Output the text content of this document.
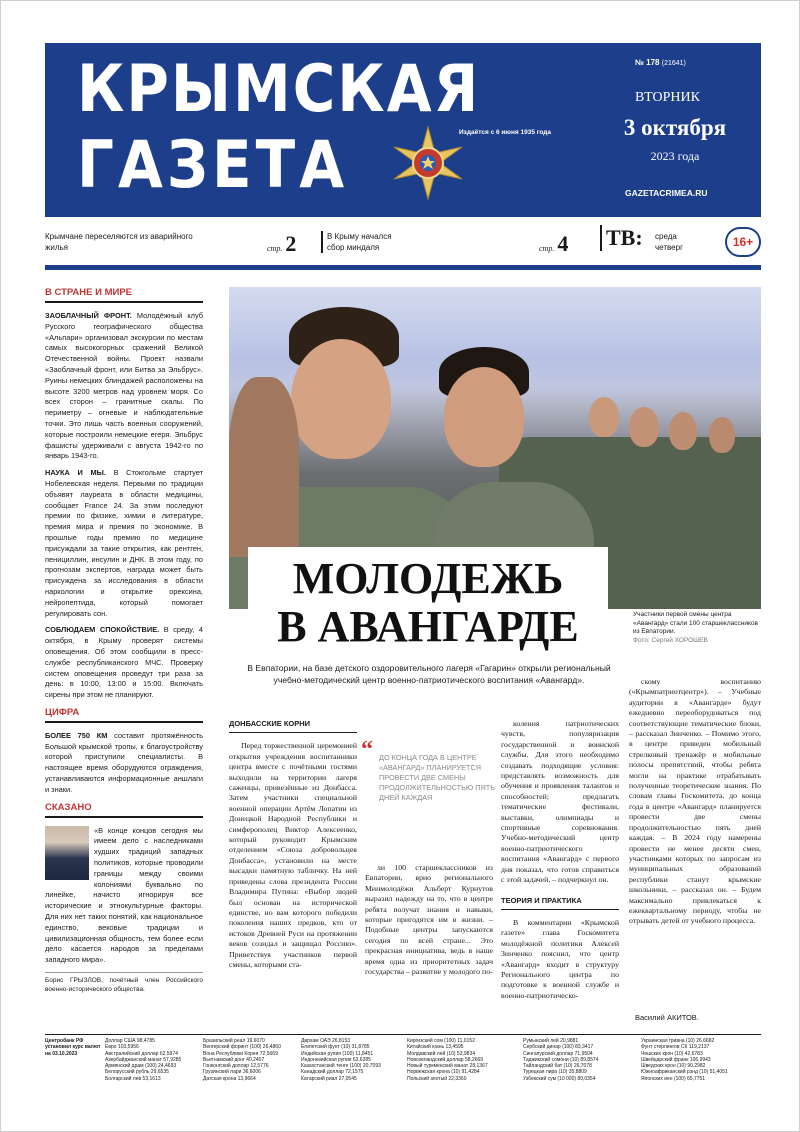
КРЫМСКАЯ
ГАЗЕТА	Издаётся с 6 июня 1935 года
№ 178 (21641)
ВТОРНИК
3 октября
2023 года
GAZETACRIMEA.RU
Крымчане переселяются из аварийного жилья	стр. 2	В Крыму начался сбор миндаля	стр. 4 ТВ: среда четверг	16+
В СТРАНЕ И МИРЕ

ЗАОБЛАЧНЫЙ ФРОНТ. Молодёжный клуб Русского географического общества «Альпари» организовал экскурсии по местам самых высокогорных сражений Великой Отечественной войны. Проект назвали «Заоблачный фронт, или Битва за Эльбрус». Руины немецких блиндажей расположены на высоте 3200 метров над уровнем моря. Со всех сторон – гранитные скалы. По периметру – огневые и наблюдательные точки. Это лишь часть военных сооружений, которые построили немецкие егеря. Эльбрус фашисты удерживали с августа 1942-го по январь 1943-го.

НАУКА И МЫ. В Стокгольме стартует Нобелевская неделя. Первыми по традиции объявят лауреата в области медицины, сообщает France 24. За этим последуют премии по физике, химии и литературе, премия мира и премия по экономике. В прошлые годы премию по медицине присуждали за такие открытия, как рентген, пенициллин, инсулин и ДНК. В этом году, по прогнозам экспертов, награда может быть присуждена за исследования в области наркологии и открытие орексина, нейропептида, который помогает регулировать сон.

СОБЛЮДАЕМ СПОКОЙСТВИЕ. В среду, 4 октября, в Крыму проверят системы оповещения. Об этом сообщили в пресс-службе республиканского МЧС. Проверку систем оповещения проведут три раза за день: в 10:00, 13:00 и 15:00. Включать сирены при этом не планируют.

ЦИФРА

БОЛЕЕ 750 КМ составит протяжённость Большой крымской тропы, к благоустройству которой приступили специалисты. В настоящее время оборудуются ограждения, устанавливаются информационные аншлаги и знаки.

СКАЗАНО

«В конце концов сегодня мы имеем дело с наследниками худших традиций западных политиков, которые проводили границы между своими колониями буквально по линейке, начисто игнорируя все исторические и этнокультурные факторы. Для них нет таких понятий, как национальное единство, вековые традиции и цивилизационная общность, тем более если дело касается народов за пределами западного мира».

Борис ГРЫЗЛОВ, почётный член Российского военно-исторического общества.

МОЛОДЕЖЬ
В АВАНГАРДЕ	Участники первой смены центра «Авангард» стали 100 старшеклассников из Евпатории.
Фото: Сергей ХОРОШЕВ
В Евпатории, на базе детского оздоровительного лагеря «Гагарин» открыли региональный учебно-методический центр военно-патриотического воспитания «Авангард».
ДОНБАССКИЕ КОРНИ

Перед торжественной церемонией открытия учреждения воспитанники центра вместе с почётными гостями выходили на территории лагеря саженцы, привезённые из Донбасса. Затем участники специальной военной операции Артём Лопатин из Донецкой Народной Республики и симферополец Виктор Алексеенко, который руководит Крымским отделением «Союза добровольцев Донбасса», установили на месте высадки памятную табличку. На ней приведены слова президента России Владимира Путина: «Выбор людей был основан на исторической единстве, но вам которого победили поколения наших предков, кто от истоков Древней Руси на протяжении веков созидал и защищал Россию». Приветствуя участников первой смены, которыми ста-

“ ДО КОНЦА ГОДА В ЦЕНТРЕ «АВАНГАРД» ПЛАНИРУЕТСЯ ПРОВЕСТИ ДВЕ СМЕНЫ ПРОДОЛЖИТЕЛЬНОСТЬЮ ПЯТЬ ДНЕЙ КАЖДАЯ

ли 100 старшеклассников из Евпатории, врио регионального Минмолодёжи Альберт Курнутов выразил надежду на то, что в центре ребята получат знания и навыки, которые пригодятся им в жизни. – Подобные центры запускаются сегодня по всей стране... Это прекрасная инициатива, ведь в наше время одна из приоритетных задач государства – развитие у молодого по-

коления патриотических чувств, популяризация государственной и воинской службы. Для этого необходимо создавать подходящие условия: представлять возможность для обучения и проявления талантов и способностей; предлагать тематические фестивали, выставки, олимпиады и спортивные соревнования. Учебно-методический центр военно-патриотического воспитания «Авангард» с первого дня показал, что готов справиться с этой задачей, – подчеркнул он.

ТЕОРИЯ И ПРАКТИКА

В комментарии «Крымской газете» глава Госкомитета молодёжной политики Алексей Зинченко пояснил, что центр «Авангард» входит в структуру Регионального центра по подготовке к военной службе и военно-патриотическо-

скому воспитанию («Крымпатриотцентр»). – Учебные аудитории в «Авангарде» будут ежедневно переоборудоваться под соответствующие тематические блоки, – рассказал Зинченко. – Помимо этого, в центре приведен мобильный стрелковый тренажёр и мобильные полосы препятствий, чтобы ребята могли на практике отрабатывать полученные теоретические знания. По словам главы Госкомитета, до конца года в центре «Авангард» планируется провести две смены продолжительностью пять дней каждая. – В 2024 году намерены провести не менее десяти смен, участниками которых по запросам из муниципальных образований республики станут крымские школьники, – рассказал он. – Будем максимально привлекаться к ежеквартальному периоду, чтобы не отрывать детей от учебного процесса.

Василий АКИТОВ.
Центробанк РФ установил курс валют на 03.10.2023
Доллар США 98,4785
Евро 103,5956
Австралийский доллар 62,5974
Азербайджанский манат 57,9285
Армянский драм (100) 24,4693
Белорусский рубль 29,6535
Болгарский лев 53,1613
Бразильский реал 19,6070
Венгерский форинт (100) 26,4860
Вона Республики Корея 72,5669
Вьетнамский донг 40,2407
Гонконгский доллар 12,5776
Грузинский лари 36,6006
Датская крона 13,9664
Дирхам ОАЭ 26,8153
Египетский фунт (10) 31,8785
Индийская рупия (100) 11,8451
Индонезийская рупия 63,6285
Казахстанский тенге (100) 20,7093
Канадский доллар 72,1575
Катарский риал 27,0545
Киргизский сом (100) 11,0152
Китайский юань 13,4595
Молдавский лей (10) 53,9834
Новозеландский доллар 58,2669
Новый туркменский манат 28,1367
Норвежская крона (10) 91,4284
Польский злотый 22,3360
Румынский лей 20,9881
Сербский динар (100) 83,3417
Сингапурский доллар 71,9504
Таджикский сомони (10) 89,8574
Тайландский бат (10) 26,7078
Турецкая лира (10) 35,8809
Узбекский сум (10 000) 80,0354
Украинская гривна (10) 26,6682
Фунт стерлингов СК 119,2137
Чешских крон (10) 42,6783
Швейцарский франк 106,9943
Шведских крон (10) 90,2982
Южноафриканский рэнд (10) 51,4051
Японских иен (100) 65,7751
